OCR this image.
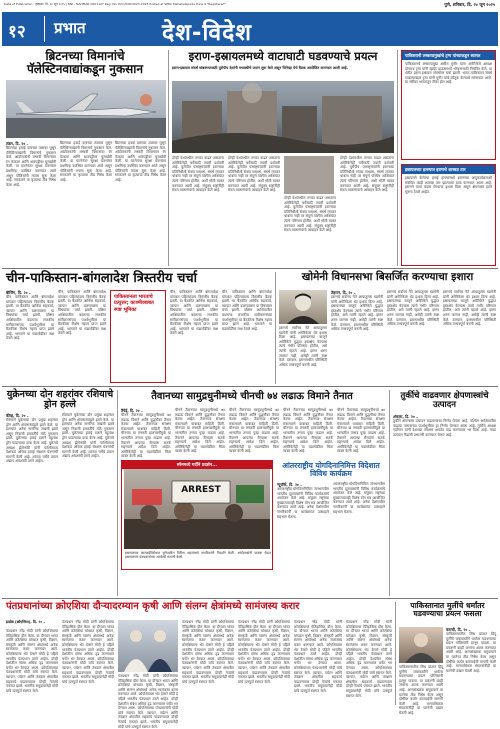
Date of Publication : हडपसर, दि. २० जून २०२५ | RNI : MAHMAR 0001107 Reg. No. PCC/026/2023-2025 Posted at SPRC Mahakalapada Pune 9 "Registered"	पुणे, शनिवार, दि. २० जून २०२५
१२ प्रभात	देश-विदेश
ब्रिटनच्या विमानांचे पॅलेस्टिनवाद्यांकडून नुकसान
लंडन, दि. २० –
ब्रिटनच्या हवाई दलाच्या तळावर घुसून पॅलेस्टिनवाद्यांनी विमानांचे नुकसान केले. आंदोलकांनी लष्करी विमानांवर रंग फेकला आणि धावपट्टीवर घुसखोरी केली. या घटनेनंतर सुरक्षा यंत्रणांवर प्रश्नचिन्ह उपस्थित करण्यात आले असून पोलिसांनी तपास सुरू केला आहे. सरकारने या कृत्याचा तीव्र निषेध केला आहे.
ब्रिटनच्या हवाई दलाच्या तळावर घुसून पॅलेस्टिनवाद्यांनी विमानांचे नुकसान केले. आंदोलकांनी लष्करी विमानांवर रंग फेकला आणि धावपट्टीवर घुसखोरी केली. या घटनेनंतर सुरक्षा यंत्रणांवर प्रश्नचिन्ह उपस्थित करण्यात आले असून पोलिसांनी तपास सुरू केला आहे. सरकारने या कृत्याचा तीव्र निषेध केला आहे.
ब्रिटनच्या हवाई दलाच्या तळावर घुसून पॅलेस्टिनवाद्यांनी विमानांचे नुकसान केले. आंदोलकांनी लष्करी विमानांवर रंग फेकला आणि धावपट्टीवर घुसखोरी केली. या घटनेनंतर सुरक्षा यंत्रणांवर प्रश्नचिन्ह उपस्थित करण्यात आले असून पोलिसांनी तपास सुरू केला आहे. सरकारने या कृत्याचा तीव्र निषेध केला आहे.
इराण-इस्रायलमध्ये वाटाघाटी घडवण्याचे प्रयत्न
इराण-इस्रायल संघर्ष थांबवण्यासाठी युरोपीय देशांनी मध्यस्थीचे प्रयत्न सुरू केले असून जिनेव्हा येथे बैठक आयोजित करण्यात आली आहे.
दोन्ही देशांमधील तणाव वाढत असताना अमेरिकेनेही चर्चेसाठी तयारी दर्शवली आहे. युरोपीय परराष्ट्रमंत्र्यांनी इराणच्या प्रतिनिधींशी संवाद साधला. संघर्ष लवकर थांबला नाही तर संपूर्ण पश्चिम आशियात त्याचे परिणाम होतील, अशी भीती व्यक्त करण्यात आली आहे. संयुक्त राष्ट्रांनीही संयम बाळगण्याचे आवाहन केले आहे.
दोन्ही देशांमधील तणाव वाढत असताना अमेरिकेनेही चर्चेसाठी तयारी दर्शवली आहे. युरोपीय परराष्ट्रमंत्र्यांनी इराणच्या प्रतिनिधींशी संवाद साधला. संघर्ष लवकर थांबला नाही तर संपूर्ण पश्चिम आशियात त्याचे परिणाम होतील, अशी भीती व्यक्त करण्यात आली आहे. संयुक्त राष्ट्रांनीही संयम बाळगण्याचे आवाहन केले आहे.
दोन्ही देशांमधील तणाव वाढत असताना अमेरिकेनेही चर्चेसाठी तयारी दर्शवली आहे. युरोपीय परराष्ट्रमंत्र्यांनी इराणच्या प्रतिनिधींशी संवाद साधला. संघर्ष लवकर थांबला नाही तर संपूर्ण पश्चिम आशियात त्याचे परिणाम होतील, अशी भीती व्यक्त करण्यात आली आहे. संयुक्त राष्ट्रांनीही संयम बाळगण्याचे आवाहन केले आहे.
दोन्ही देशांमधील तणाव वाढत असताना अमेरिकेनेही चर्चेसाठी तयारी दर्शवली आहे. युरोपीय परराष्ट्रमंत्र्यांनी इराणच्या प्रतिनिधींशी संवाद साधला. संघर्ष लवकर थांबला नाही तर संपूर्ण पश्चिम आशियात त्याचे परिणाम होतील, अशी भीती व्यक्त करण्यात आली आहे. संयुक्त राष्ट्रांनीही संयम बाळगण्याचे आवाहन केले आहे.
पाकिस्तानी लष्करप्रमुखांचे ट्रम्प यांच्याकडून स्वागत
पाकिस्तानचे लष्करप्रमुख असीम मुनीर यांना अमेरिकेचे अध्यक्ष डोनाल्ड ट्रम्प यांनी व्हाईट हाऊसमध्ये भोजनासाठी निमंत्रित केले. या भेटीत इराण-इस्रायल संघर्षावर चर्चा झाली. भारत-पाकिस्तान संघर्ष टाळल्याबद्दल ट्रम्प यांनी मुनीर यांचे कौतुक केल्याचे सांगण्यात आले. या भेटीवर भारतातून टीका होत आहे.
इस्रायलच्या हल्ल्यात इराणचे शास्त्रज्ञ ठार
इस्रायलने केलेल्या हवाई हल्ल्यांमध्ये इराणच्या अणुकार्यक्रमाशी संबंधित काही शास्त्रज्ञ ठार झाल्याचा दावा करण्यात आला आहे. इराणने याचा बदला घेण्याचा इशारा दिला असून क्षेपणास्त्र हल्ले सुरूच ठेवले आहेत.
चीन-पाकिस्तान-बांगलादेश त्रिस्तरीय चर्चा
बीजिंग, दि. २० –
चीन, पाकिस्तान आणि बांगलादेश यांच्यात पहिल्यांदाच त्रिस्तरीय बैठक झाली. या बैठकीत आर्थिक सहकार्य, व्यापार आणि दळणवळण या विषयांवर चर्चा झाली. दक्षिण आशियातील बदलत्या राजकीय समीकरणांच्या पार्श्वभूमीवर या बैठकीला विशेष महत्त्व प्राप्त झाले आहे. भारताने या घडामोडींवर लक्ष ठेवले आहे.
चीन, पाकिस्तान आणि बांगलादेश यांच्यात पहिल्यांदाच त्रिस्तरीय बैठक झाली. या बैठकीत आर्थिक सहकार्य, व्यापार आणि दळणवळण या विषयांवर चर्चा झाली. दक्षिण आशियातील बदलत्या राजकीय समीकरणांच्या पार्श्वभूमीवर या बैठकीला विशेष महत्त्व प्राप्त झाले आहे. भारताने या घडामोडींवर लक्ष ठेवले आहे.
पाकिस्तानला भारताचे प्रत्युत्तर; काश्मीरबाबत स्पष्ट भूमिका
चीन, पाकिस्तान आणि बांगलादेश यांच्यात पहिल्यांदाच त्रिस्तरीय बैठक झाली. या बैठकीत आर्थिक सहकार्य, व्यापार आणि दळणवळण या विषयांवर चर्चा झाली. दक्षिण आशियातील बदलत्या राजकीय समीकरणांच्या पार्श्वभूमीवर या बैठकीला विशेष महत्त्व प्राप्त झाले आहे. भारताने या घडामोडींवर लक्ष ठेवले आहे.
चीन, पाकिस्तान आणि बांगलादेश यांच्यात पहिल्यांदाच त्रिस्तरीय बैठक झाली. या बैठकीत आर्थिक सहकार्य, व्यापार आणि दळणवळण या विषयांवर चर्चा झाली. दक्षिण आशियातील बदलत्या राजकीय समीकरणांच्या पार्श्वभूमीवर या बैठकीला विशेष महत्त्व प्राप्त झाले आहे. भारताने या घडामोडींवर लक्ष ठेवले आहे.
खोमेनी विधानसभा बिसर्जित करण्याचा इशारा
इराणचे सर्वोच्च नेते आयातुल्ला खामेनी यांनी अमेरिकेला थेट इशारा दिला आहे. इस्रायलच्या बाजूने अमेरिकेने युद्धात हस्तक्षेप केल्यास त्याचे गंभीर परिणाम होतील, असे त्यांनी म्हटले आहे. इराण शरण जाणार नाही, असेही त्यांनी स्पष्ट केले. दरम्यान, इराणमधील परिस्थिती अधिक तणावपूर्ण बनली आहे.
तेहरान, दि. २० –
इराणचे सर्वोच्च नेते आयातुल्ला खामेनी यांनी अमेरिकेला थेट इशारा दिला आहे. इस्रायलच्या बाजूने अमेरिकेने युद्धात हस्तक्षेप केल्यास त्याचे गंभीर परिणाम होतील, असे त्यांनी म्हटले आहे. इराण शरण जाणार नाही, असेही त्यांनी स्पष्ट केले. दरम्यान, इराणमधील परिस्थिती अधिक तणावपूर्ण बनली आहे.
इराणचे सर्वोच्च नेते आयातुल्ला खामेनी यांनी अमेरिकेला थेट इशारा दिला आहे. इस्रायलच्या बाजूने अमेरिकेने युद्धात हस्तक्षेप केल्यास त्याचे गंभीर परिणाम होतील, असे त्यांनी म्हटले आहे. इराण शरण जाणार नाही, असेही त्यांनी स्पष्ट केले. दरम्यान, इराणमधील परिस्थिती अधिक तणावपूर्ण बनली आहे.
इराणचे सर्वोच्च नेते आयातुल्ला खामेनी यांनी अमेरिकेला थेट इशारा दिला आहे. इस्रायलच्या बाजूने अमेरिकेने युद्धात हस्तक्षेप केल्यास त्याचे गंभीर परिणाम होतील, असे त्यांनी म्हटले आहे. इराण शरण जाणार नाही, असेही त्यांनी स्पष्ट केले. दरम्यान, इराणमधील परिस्थिती अधिक तणावपूर्ण बनली आहे.
युक्रेनच्या दोन शहरांवर रशियाचे ड्रोन हल्ले
कीव्ह, दि. २० –
रशियाने युक्रेनच्या दोन प्रमुख शहरांवर ड्रोन आणि क्षेपणास्त्रांद्वारे हल्ले केले. या हल्ल्यांत अनेक नागरिक जखमी झाले असून निवासी इमारतींचे मोठे नुकसान झाले. युक्रेनच्या हवाई दलाने बहुतांश ड्रोन पाडल्याचा दावा केला आहे. युक्रेनचे अध्यक्ष झेलेन्स्की यांनी पाश्चिमात्य देशांकडे अधिक हवाई संरक्षण यंत्रणांची मागणी केली आहे. शांतता चर्चेचे प्रयत्न अद्याप अयशस्वी ठरले आहेत.
रशियाने युक्रेनच्या दोन प्रमुख शहरांवर ड्रोन आणि क्षेपणास्त्रांद्वारे हल्ले केले. या हल्ल्यांत अनेक नागरिक जखमी झाले असून निवासी इमारतींचे मोठे नुकसान झाले. युक्रेनच्या हवाई दलाने बहुतांश ड्रोन पाडल्याचा दावा केला आहे. युक्रेनचे अध्यक्ष झेलेन्स्की यांनी पाश्चिमात्य देशांकडे अधिक हवाई संरक्षण यंत्रणांची मागणी केली आहे. शांतता चर्चेचे प्रयत्न अद्याप अयशस्वी ठरले आहेत.
तैवानच्या सामुद्रधुनीमध्ये चीनची ७४ लढाऊ विमाने तैनात
तैपेई, दि. २० –
चीनने तैवानच्या सामुद्रधुनीमध्ये ७४ लढाऊ विमाने आणि युद्धनौका तैनात केल्या आहेत. तैवानच्या संरक्षण मंत्रालयाने याबाबत माहिती दिली. चीनच्या या लष्करी हालचालींमुळे या भागातील तणाव पुन्हा वाढला आहे. तैवानने आपल्या सैन्याला सतर्क राहण्याचे आदेश दिले आहेत. अमेरिकेनेही या घडामोडींवर चिंता व्यक्त केली आहे.
चीनने तैवानच्या सामुद्रधुनीमध्ये ७४ लढाऊ विमाने आणि युद्धनौका तैनात केल्या आहेत. तैवानच्या संरक्षण मंत्रालयाने याबाबत माहिती दिली. चीनच्या या लष्करी हालचालींमुळे या भागातील तणाव पुन्हा वाढला आहे. तैवानने आपल्या सैन्याला सतर्क राहण्याचे आदेश दिले आहेत. अमेरिकेनेही या घडामोडींवर चिंता व्यक्त केली आहे.
चीनने तैवानच्या सामुद्रधुनीमध्ये ७४ लढाऊ विमाने आणि युद्धनौका तैनात केल्या आहेत. तैवानच्या संरक्षण मंत्रालयाने याबाबत माहिती दिली. चीनच्या या लष्करी हालचालींमुळे या भागातील तणाव पुन्हा वाढला आहे. तैवानने आपल्या सैन्याला सतर्क राहण्याचे आदेश दिले आहेत. अमेरिकेनेही या घडामोडींवर चिंता व्यक्त केली आहे.
चीनने तैवानच्या सामुद्रधुनीमध्ये ७४ लढाऊ विमाने आणि युद्धनौका तैनात केल्या आहेत. तैवानच्या संरक्षण मंत्रालयाने याबाबत माहिती दिली. चीनच्या या लष्करी हालचालींमुळे या भागातील तणाव पुन्हा वाढला आहे. तैवानने आपल्या सैन्याला सतर्क राहण्याचे आदेश दिले आहेत. अमेरिकेनेही या घडामोडींवर चिंता व्यक्त केली आहे.
चीनने तैवानच्या सामुद्रधुनीमध्ये ७४ लढाऊ विमाने आणि युद्धनौका तैनात केल्या आहेत. तैवानच्या संरक्षण मंत्रालयाने याबाबत माहिती दिली. चीनच्या या लष्करी हालचालींमुळे या भागातील तणाव पुन्हा वाढला आहे. तैवानने आपल्या सैन्याला सतर्क राहण्याचे आदेश दिले आहेत. अमेरिकेनेही या घडामोडींवर चिंता व्यक्त केली आहे.
स्पेनमध्ये गर्दीने प्रदर्शन...
ARREST
इस्रायलच्या कारवाईविरोधात युरोपातील विविध शहरांमध्ये नागरिकांनी निदर्शने केली. आंदोलकांनी फलक घेऊन इस्रायलच्या पंतप्रधानांच्या अटकेची मागणी केली.
आंतरराष्ट्रीय योगदिनानिमित्त विदेशात विविध कार्यक्रम
न्यूयॉर्क, दि. २० –
आंतरराष्ट्रीय योगदिनानिमित्त जगभरातील भारतीय दूतावासांनी विविध कार्यक्रमांचे आयोजन केले आहे. संयुक्त राष्ट्रांच्या मुख्यालयातही विशेष योग सत्र आयोजित करण्यात आले आहे. अनेक देशांमधील नागरिकांनी या कार्यक्रमांत उत्साहाने सहभाग घेतला.
आंतरराष्ट्रीय योगदिनानिमित्त जगभरातील भारतीय दूतावासांनी विविध कार्यक्रमांचे आयोजन केले आहे. संयुक्त राष्ट्रांच्या मुख्यालयातही विशेष योग सत्र आयोजित करण्यात आले आहे. अनेक देशांमधील नागरिकांनी या कार्यक्रमांत उत्साहाने सहभाग घेतला.
तुर्कीचे वाढवणार क्षेपणास्त्रांचे उत्पादन
अंकारा, दि. २० –
तुर्कीने क्षेपणास्त्र उत्पादन वाढवण्याचा निर्णय घेतला आहे. पश्चिम आशियातील वाढत्या तणावाच्या पार्श्वभूमीवर हा निर्णय घेण्यात आला आहे. तुर्कीचे अध्यक्ष एर्दोगान यांनी देशाच्या संरक्षण क्षमतेत वाढ करण्यावर भर दिला आहे. नव्या उत्पादन केंद्रांची उभारणी करण्यात येणार आहे.
पंतप्रधानांच्या क्रोएशिया दौऱ्यादरम्यान कृषी आणि संलग्न क्षेत्रांमध्ये सामंजस्य करार
झाग्रेब (क्रोएशिया), दि. २० –
पंतप्रधान नरेंद्र मोदी यांनी क्रोएशियाचा ऐतिहासिक दौरा केला. या दौऱ्यात भारत आणि क्रोएशिया यांच्यात कृषी, विज्ञान, संस्कृती आणि संलग्न क्षेत्रांमध्ये अनेक सामंजस्य करार करण्यात आले. क्रोएशियाला भेट देणारे मोदी हे पहिले भारतीय पंतप्रधान ठरले आहेत. दोन्ही देशांतील संबंध अधिक दृढ करण्यावर चर्चेत भर देण्यात आला. क्रोएशियाच्या पंतप्रधानांनी मोदी यांचे स्वागत केले. व्यापार, पर्यटन आणि तंत्रज्ञान क्षेत्रातील सहकार्य वाढवण्यावर दोन्ही नेत्यांचे एकमत झाले. भारतीय समुदायानेही मोदी यांचे उत्स्फूर्त स्वागत केले.
पंतप्रधान नरेंद्र मोदी यांनी क्रोएशियाचा ऐतिहासिक दौरा केला. या दौऱ्यात भारत आणि क्रोएशिया यांच्यात कृषी, विज्ञान, संस्कृती आणि संलग्न क्षेत्रांमध्ये अनेक सामंजस्य करार करण्यात आले. क्रोएशियाला भेट देणारे मोदी हे पहिले भारतीय पंतप्रधान ठरले आहेत. दोन्ही देशांतील संबंध अधिक दृढ करण्यावर चर्चेत भर देण्यात आला. क्रोएशियाच्या पंतप्रधानांनी मोदी यांचे स्वागत केले. व्यापार, पर्यटन आणि तंत्रज्ञान क्षेत्रातील सहकार्य वाढवण्यावर दोन्ही नेत्यांचे एकमत झाले. भारतीय समुदायानेही मोदी यांचे उत्स्फूर्त स्वागत केले.
पंतप्रधान नरेंद्र मोदी यांनी क्रोएशियाचा ऐतिहासिक दौरा केला. या दौऱ्यात भारत आणि क्रोएशिया यांच्यात कृषी, विज्ञान, संस्कृती आणि संलग्न क्षेत्रांमध्ये अनेक सामंजस्य करार करण्यात आले. क्रोएशियाला भेट देणारे मोदी हे पहिले भारतीय पंतप्रधान ठरले आहेत. दोन्ही देशांतील संबंध अधिक दृढ करण्यावर चर्चेत भर देण्यात आला. क्रोएशियाच्या पंतप्रधानांनी मोदी यांचे स्वागत केले. व्यापार, पर्यटन आणि तंत्रज्ञान क्षेत्रातील सहकार्य वाढवण्यावर दोन्ही नेत्यांचे एकमत झाले. भारतीय समुदायानेही मोदी यांचे उत्स्फूर्त स्वागत केले.
पंतप्रधान नरेंद्र मोदी यांनी क्रोएशियाचा ऐतिहासिक दौरा केला. या दौऱ्यात भारत आणि क्रोएशिया यांच्यात कृषी, विज्ञान, संस्कृती आणि संलग्न क्षेत्रांमध्ये अनेक सामंजस्य करार करण्यात आले. क्रोएशियाला भेट देणारे मोदी हे पहिले भारतीय पंतप्रधान ठरले आहेत. दोन्ही देशांतील संबंध अधिक दृढ करण्यावर चर्चेत भर देण्यात आला. क्रोएशियाच्या पंतप्रधानांनी मोदी यांचे स्वागत केले. व्यापार, पर्यटन आणि तंत्रज्ञान क्षेत्रातील सहकार्य वाढवण्यावर दोन्ही नेत्यांचे एकमत झाले. भारतीय समुदायानेही मोदी यांचे उत्स्फूर्त स्वागत केले.
पंतप्रधान नरेंद्र मोदी यांनी क्रोएशियाचा ऐतिहासिक दौरा केला. या दौऱ्यात भारत आणि क्रोएशिया यांच्यात कृषी, विज्ञान, संस्कृती आणि संलग्न क्षेत्रांमध्ये अनेक सामंजस्य करार करण्यात आले. क्रोएशियाला भेट देणारे मोदी हे पहिले भारतीय पंतप्रधान ठरले आहेत. दोन्ही देशांतील संबंध अधिक दृढ करण्यावर चर्चेत भर देण्यात आला. क्रोएशियाच्या पंतप्रधानांनी मोदी यांचे स्वागत केले. व्यापार, पर्यटन आणि तंत्रज्ञान क्षेत्रातील सहकार्य वाढवण्यावर दोन्ही नेत्यांचे एकमत झाले. भारतीय समुदायानेही मोदी यांचे उत्स्फूर्त स्वागत केले.
पंतप्रधान नरेंद्र मोदी यांनी क्रोएशियाचा ऐतिहासिक दौरा केला. या दौऱ्यात भारत आणि क्रोएशिया यांच्यात कृषी, विज्ञान, संस्कृती आणि संलग्न क्षेत्रांमध्ये अनेक सामंजस्य करार करण्यात आले. क्रोएशियाला भेट देणारे मोदी हे पहिले भारतीय पंतप्रधान ठरले आहेत. दोन्ही देशांतील संबंध अधिक दृढ करण्यावर चर्चेत भर देण्यात आला. क्रोएशियाच्या पंतप्रधानांनी मोदी यांचे स्वागत केले. व्यापार, पर्यटन आणि तंत्रज्ञान क्षेत्रातील सहकार्य वाढवण्यावर दोन्ही नेत्यांचे एकमत झाले. भारतीय समुदायानेही मोदी यांचे उत्स्फूर्त स्वागत केले.
पंतप्रधान नरेंद्र मोदी यांनी क्रोएशियाचा ऐतिहासिक दौरा केला. या दौऱ्यात भारत आणि क्रोएशिया यांच्यात कृषी, विज्ञान, संस्कृती आणि संलग्न क्षेत्रांमध्ये अनेक सामंजस्य करार करण्यात आले. क्रोएशियाला भेट देणारे मोदी हे पहिले भारतीय पंतप्रधान ठरले आहेत. दोन्ही देशांतील संबंध अधिक दृढ करण्यावर चर्चेत भर देण्यात आला. क्रोएशियाच्या पंतप्रधानांनी मोदी यांचे स्वागत केले. व्यापार, पर्यटन आणि तंत्रज्ञान क्षेत्रातील सहकार्य वाढवण्यावर दोन्ही नेत्यांचे एकमत झाले. भारतीय समुदायानेही मोदी यांचे उत्स्फूर्त स्वागत केले.
पाकिस्तानात मुलींचे धर्मांतर घडवण्याचा प्रयत्न फसला
कराची, दि. २० –
पाकिस्तानातील सिंध प्रांतात हिंदू मुलींचे जबरदस्तीने धर्मांतर घडवण्याचा प्रयत्न पोलिसांनी हाणून पाडला. या प्रकरणी काही जणांना अटक करण्यात आली आहे. अल्पसंख्याक समुदायाने या घटनेचा तीव्र निषेध केला असून दोषींवर कठोर कारवाईची मागणी केली आहे. मानवाधिकार संघटनांनीही या घटनेची दखल घेतली आहे.
पाकिस्तानातील सिंध प्रांतात हिंदू मुलींचे जबरदस्तीने धर्मांतर घडवण्याचा प्रयत्न पोलिसांनी हाणून पाडला. या प्रकरणी काही जणांना अटक करण्यात आली आहे. अल्पसंख्याक समुदायाने या घटनेचा तीव्र निषेध केला असून दोषींवर कठोर कारवाईची मागणी केली आहे. मानवाधिकार संघटनांनीही या घटनेची दखल घेतली आहे.
